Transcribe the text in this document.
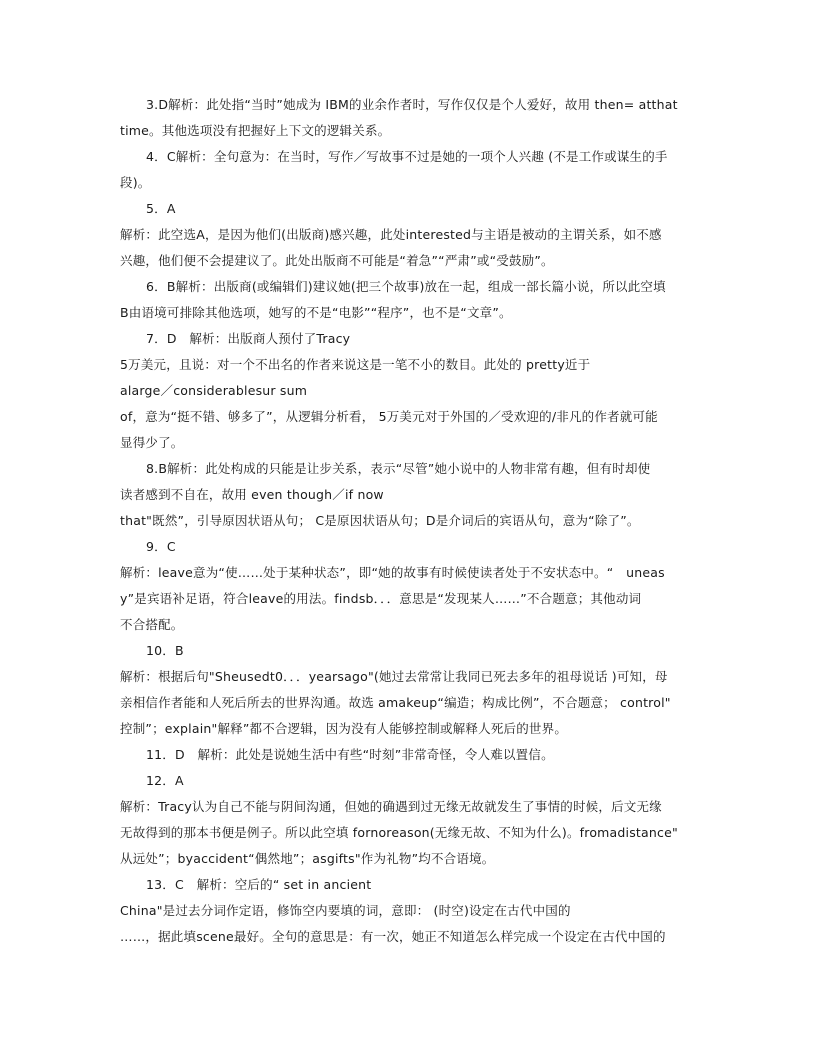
3.D解析：此处指“当时”她成为 IBM的业余作者时，写作仅仅是个人爱好，故用 then= atthat
time。其他选项没有把握好上下文的逻辑关系。
4．C解析：全句意为：在当时，写作／写故事不过是她的一项个人兴趣 (不是工作或谋生的手
段)。
5．A
解析：此空选A，是因为他们(出版商)感兴趣，此处interested与主语是被动的主谓关系，如不感
兴趣，他们便不会提建议了。此处出版商不可能是“着急”“严肃”或“受鼓励”。
6．B解析：出版商(或编辑们)建议她(把三个故事)放在一起，组成一部长篇小说，所以此空填
B由语境可排除其他选项，她写的不是“电影”“程序”，也不是“文章”。
7．D　解析：出版商人预付了Tracy
5万美元，且说：对一个不出名的作者来说这是一笔不小的数目。此处的 pretty近于
alarge／considerablesur sum
of，意为“挺不错、够多了”，从逻辑分析看， 5万美元对于外国的／受欢迎的/非凡的作者就可能
显得少了。
8.B解析：此处构成的只能是让步关系，表示“尽管”她小说中的人物非常有趣，但有时却使
读者感到不自在，故用 even though／if now
that"既然”，引导原因状语从句； C是原因状语从句；D是介词后的宾语从句，意为“除了”。
9．C
解析：leave意为“使……处于某种状态”，即“她的故事有时候使读者处于不安状态中。“　uneas
y”是宾语补足语，符合leave的用法。findsb．．．意思是“发现某人……”不合题意；其他动词
不合搭配。
10．B
解析：根据后句"Sheusedt0．．．yearsago"(她过去常常让我同已死去多年的祖母说话 )可知，母
亲相信作者能和人死后所去的世界沟通。故选 amakeup“编造；构成比例”，不合题意； control"
控制”；explain"解释”都不合逻辑，因为没有人能够控制或解释人死后的世界。
11．D　解析：此处是说她生活中有些“时刻”非常奇怪，令人难以置信。
12．A
解析：Tracy认为自己不能与阴间沟通，但她的确遇到过无缘无故就发生了事情的时候，后文无缘
无故得到的那本书便是例子。所以此空填 fornoreason(无缘无故、不知为什么)。fromadistance"
从远处”；byaccident“偶然地”；asgifts"作为礼物”均不合语境。
13．C　解析：空后的“ set in ancient
China"是过去分词作定语，修饰空内要填的词，意即： (时空)设定在古代中国的
……，据此填scene最好。全句的意思是：有一次，她正不知道怎么样完成一个设定在古代中国的
